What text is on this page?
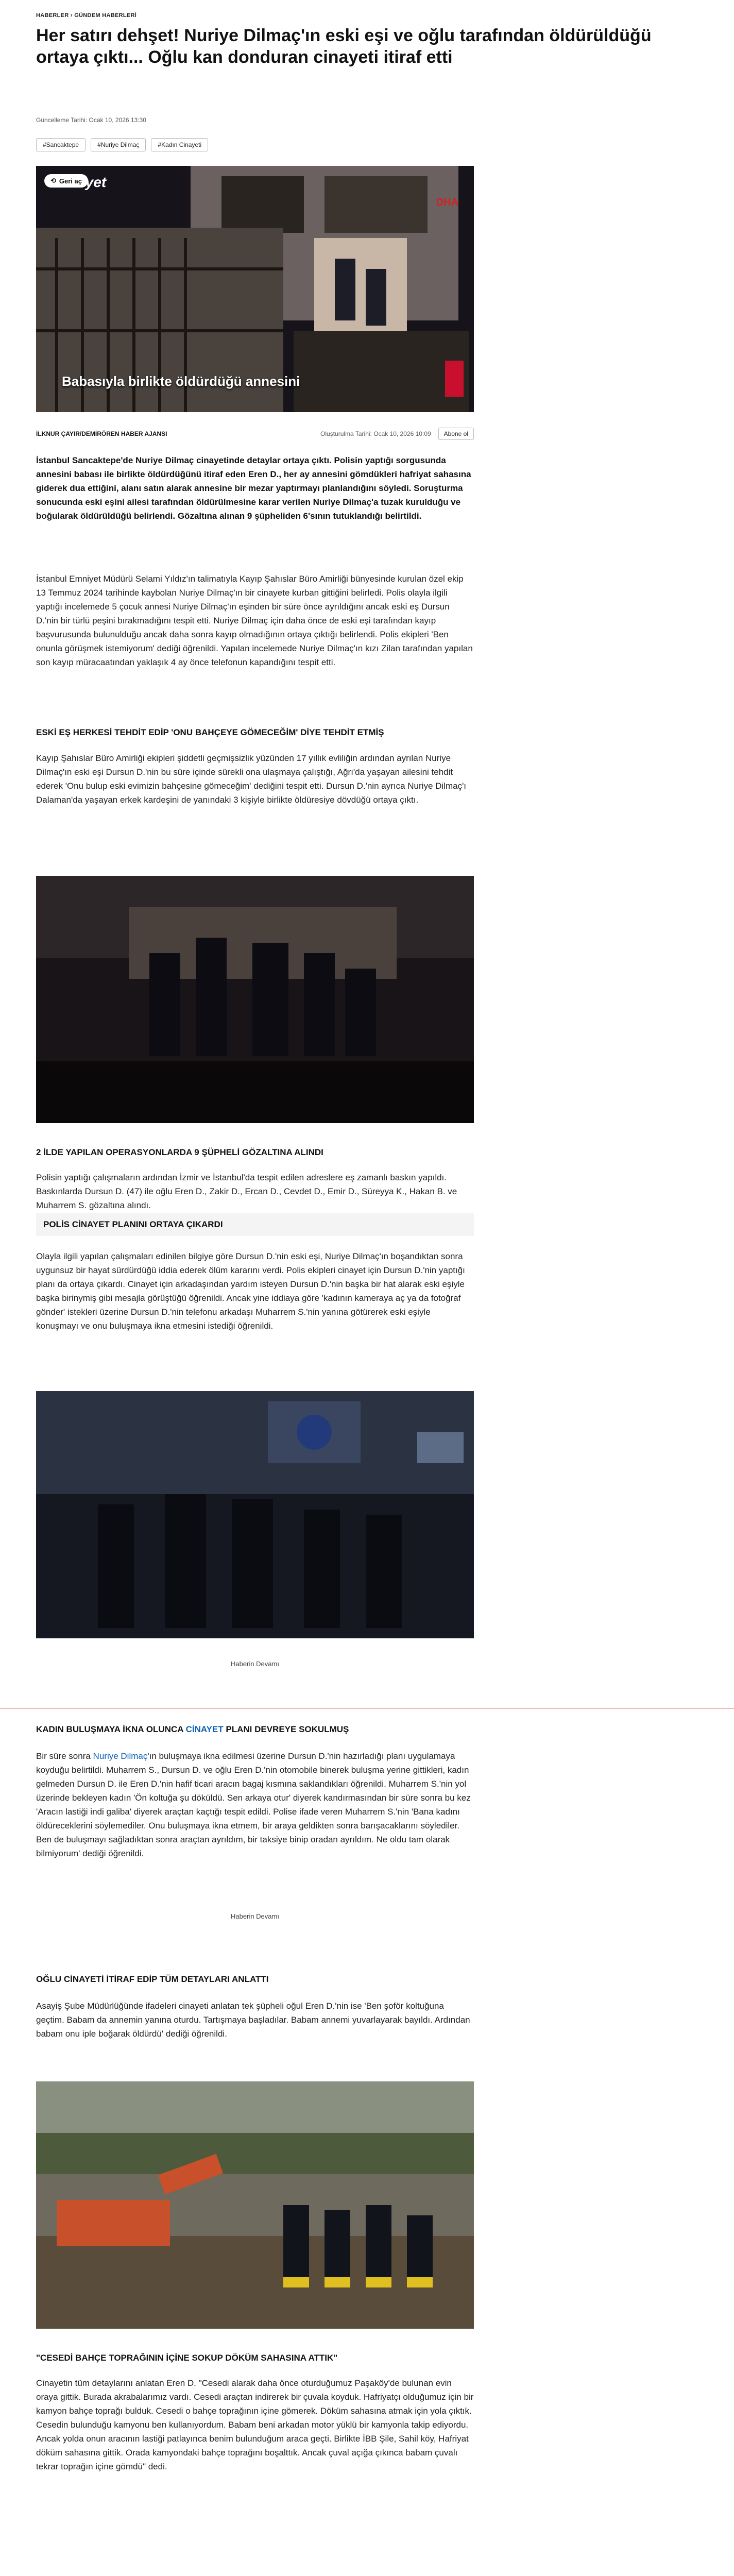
HABERLER › GÜNDEM HABERLERİ
Her satırı dehşet! Nuriye Dilmaç'ın eski eşi ve oğlu tarafından öldürüldüğü ortaya çıktı... Oğlu kan donduran cinayeti itiraf etti
Güncelleme Tarihi: Ocak 10, 2026 13:30
#Sancaktepe	#Nuriye Dilmaç	#Kadın Cinayeti
⟲ Geri aç iyet
DHA
Babasıyla birlikte öldürdüğü annesini
İLKNUR ÇAYIR/DEMİRÖREN HABER AJANSI	Oluşturulma Tarihi: Ocak 10, 2026 10:09	Abone ol

İstanbul Sancaktepe'de Nuriye Dilmaç cinayetinde detaylar ortaya çıktı. Polisin yaptığı sorgusunda annesini babası ile birlikte öldürdüğünü itiraf eden Eren D., her ay annesini gömdükleri hafriyat sahasına giderek dua ettiğini, alanı satın alarak annesine bir mezar yaptırmayı planlandığını söyledi. Soruşturma sonucunda eski eşini ailesi tarafından öldürülmesine karar verilen Nuriye Dilmaç'a tuzak kurulduğu ve boğularak öldürüldüğü belirlendi. Gözaltına alınan 9 şüpheliden 6'sının tutuklandığı belirtildi.

İstanbul Emniyet Müdürü Selami Yıldız'ın talimatıyla Kayıp Şahıslar Büro Amirliği bünyesinde kurulan özel ekip 13 Temmuz 2024 tarihinde kaybolan Nuriye Dilmaç'ın bir cinayete kurban gittiğini belirledi. Polis olayla ilgili yaptığı incelemede 5 çocuk annesi Nuriye Dilmaç'ın eşinden bir süre önce ayrıldığını ancak eski eş Dursun D.'nin bir türlü peşini bırakmadığını tespit etti. Nuriye Dilmaç için daha önce de eski eşi tarafından kayıp başvurusunda bulunulduğu ancak daha sonra kayıp olmadığının ortaya çıktığı belirlendi. Polis ekipleri 'Ben onunla görüşmek istemiyorum' dediği öğrenildi. Yapılan incelemede Nuriye Dilmaç'ın kızı Zilan tarafından yapılan son kayıp müracaatından yaklaşık 4 ay önce telefonun kapandığını tespit etti.

ESKİ EŞ HERKESİ TEHDİT EDİP 'ONU BAHÇEYE GÖMECEĞİM' DİYE TEHDİT ETMİŞ

Kayıp Şahıslar Büro Amirliği ekipleri şiddetli geçmişsizlik yüzünden 17 yıllık evliliğin ardından ayrılan Nuriye Dilmaç'ın eski eşi Dursun D.'nin bu süre içinde sürekli ona ulaşmaya çalıştığı, Ağrı'da yaşayan ailesini tehdit ederek 'Onu bulup eski evimizin bahçesine gömeceğim' dediğini tespit etti. Dursun D.'nin ayrıca Nuriye Dilmaç'ı Dalaman'da yaşayan erkek kardeşini de yanındaki 3 kişiyle birlikte öldüresiye dövdüğü ortaya çıktı.

2 İLDE YAPILAN OPERASYONLARDA 9 ŞÜPHELİ GÖZALTINA ALINDI

Polisin yaptığı çalışmaların ardından İzmir ve İstanbul'da tespit edilen adreslere eş zamanlı baskın yapıldı. Baskınlarda Dursun D. (47) ile oğlu Eren D., Zakir D., Ercan D., Cevdet D., Emir D., Süreyya K., Hakan B. ve Muharrem S. gözaltına alındı.

POLİS CİNAYET PLANINI ORTAYA ÇIKARDI

Olayla ilgili yapılan çalışmaları edinilen bilgiye göre Dursun D.'nin eski eşi, Nuriye Dilmaç'ın boşandıktan sonra uygunsuz bir hayat sürdürdüğü iddia ederek ölüm kararını verdi. Polis ekipleri cinayet için Dursun D.'nin yaptığı planı da ortaya çıkardı. Cinayet için arkadaşından yardım isteyen Dursun D.'nin başka bir hat alarak eski eşiyle başka birinymiş gibi mesajla görüştüğü öğrenildi. Ancak yine iddiaya göre 'kadının kameraya aç ya da fotoğraf gönder' istekleri üzerine Dursun D.'nin telefonu arkadaşı Muharrem S.'nin yanına götürerek eski eşiyle konuşmayı ve onu buluşmaya ikna etmesini istediği öğrenildi.

Haberin Devamı
KADIN BULUŞMAYA İKNA OLUNCA CİNAYET PLANI DEVREYE SOKULMUŞ

Bir süre sonra Nuriye Dilmaç'ın buluşmaya ikna edilmesi üzerine Dursun D.'nin hazırladığı planı uygulamaya koyduğu belirtildi. Muharrem S., Dursun D. ve oğlu Eren D.'nin otomobile binerek buluşma yerine gittikleri, kadın gelmeden Dursun D. ile Eren D.'nin hafif ticari aracın bagaj kısmına saklandıkları öğrenildi. Muharrem S.'nin yol üzerinde bekleyen kadın 'Ön koltuğa şu döküldü. Sen arkaya otur' diyerek kandırmasından bir süre sonra bu kez 'Aracın lastiği indi galiba' diyerek araçtan kaçtığı tespit edildi. Polise ifade veren Muharrem S.'nin 'Bana kadını öldüreceklerini söylemediler. Onu buluşmaya ikna etmem, bir araya geldikten sonra barışacaklarını söylediler. Ben de buluşmayı sağladıktan sonra araçtan ayrıldım, bir taksiye binip oradan ayrıldım. Ne oldu tam olarak bilmiyorum' dediği öğrenildi.

Haberin Devamı
OĞLU CİNAYETİ İTİRAF EDİP TÜM DETAYLARI ANLATTI

Asayiş Şube Müdürlüğünde ifadeleri cinayeti anlatan tek şüpheli oğul Eren D.'nin ise 'Ben şoför koltuğuna geçtim. Babam da annemin yanına oturdu. Tartışmaya başladılar. Babam annemi yuvarlayarak bayıldı. Ardından babam onu iple boğarak öldürdü' dediği öğrenildi.

"CESEDİ BAHÇE TOPRAĞININ İÇİNE SOKUP DÖKÜM SAHASINA ATTIK"

Cinayetin tüm detaylarını anlatan Eren D. "Cesedi alarak daha önce oturduğumuz Paşaköy'de bulunan evin oraya gittik. Burada akrabalarımız vardı. Cesedi araçtan indirerek bir çuvala koyduk. Hafriyatçı olduğumuz için bir kamyon bahçe toprağı bulduk. Cesedi o bahçe toprağının içine gömerek. Döküm sahasına atmak için yola çıktık. Cesedin bulunduğu kamyonu ben kullanıyordum. Babam beni arkadan motor yüklü bir kamyonla takip ediyordu. Ancak yolda onun aracının lastiği patlayınca benim bulunduğum araca geçti. Birlikte İBB Şile, Sahil köy, Hafriyat döküm sahasına gittik. Orada kamyondaki bahçe toprağını boşalttık. Ancak çuval açığa çıkınca babam çuvalı tekrar toprağın içine gömdü" dedi.
